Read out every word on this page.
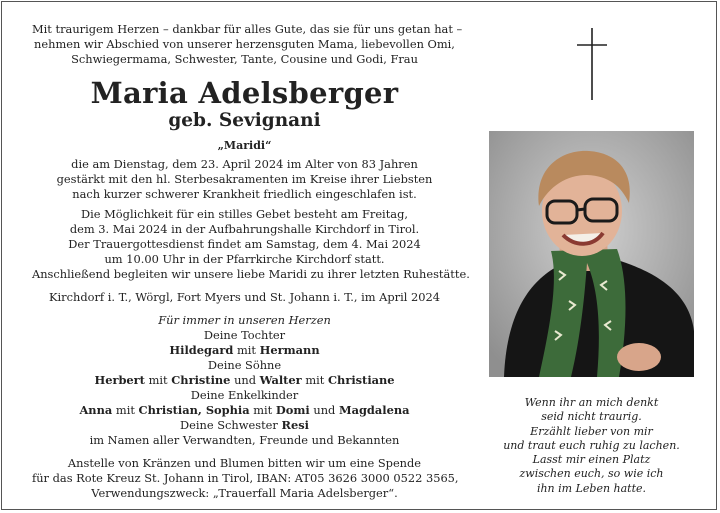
Mit traurigem Herzen – dankbar für alles Gute, das sie für uns getan hat –

nehmen wir Abschied von unserer herzensguten Mama, liebevollen Omi,

Schwiegermama, Schwester, Tante, Cousine und Godi, Frau

Maria Adelsberger

geb. Sevignani

„Maridi“

die am Dienstag, dem 23. April 2024 im Alter von 83 Jahren

gestärkt mit den hl. Sterbesakramenten im Kreise ihrer Liebsten

nach kurzer schwerer Krankheit friedlich eingeschlafen ist.

Die Möglichkeit für ein stilles Gebet besteht am Freitag,

dem 3. Mai 2024 in der Aufbahrungshalle Kirchdorf in Tirol.

Der Trauergottesdienst findet am Samstag, dem 4. Mai 2024

um 10.00 Uhr in der Pfarrkirche Kirchdorf statt.

Anschließend begleiten wir unsere liebe Maridi zu ihrer letzten Ruhestätte.

Kirchdorf i. T., Wörgl, Fort Myers und St. Johann i. T., im April 2024

Für immer in unseren Herzen

Deine Tochter

Hildegard mit Hermann

Deine Söhne

Herbert mit Christine und Walter mit Christiane

Deine Enkelkinder

Anna mit Christian, Sophia mit Domi und Magdalena

Deine Schwester Resi

im Namen aller Verwandten, Freunde und Bekannten

Anstelle von Kränzen und Blumen bitten wir um eine Spende

für das Rote Kreuz St. Johann in Tirol, IBAN: AT05 3626 3000 0522 3565,

Verwendungszweck: „Trauerfall Maria Adelsberger“.

Wenn ihr an mich denkt

seid nicht traurig.

Erzählt lieber von mir

und traut euch ruhig zu lachen.

Lasst mir einen Platz

zwischen euch, so wie ich

ihn im Leben hatte.
